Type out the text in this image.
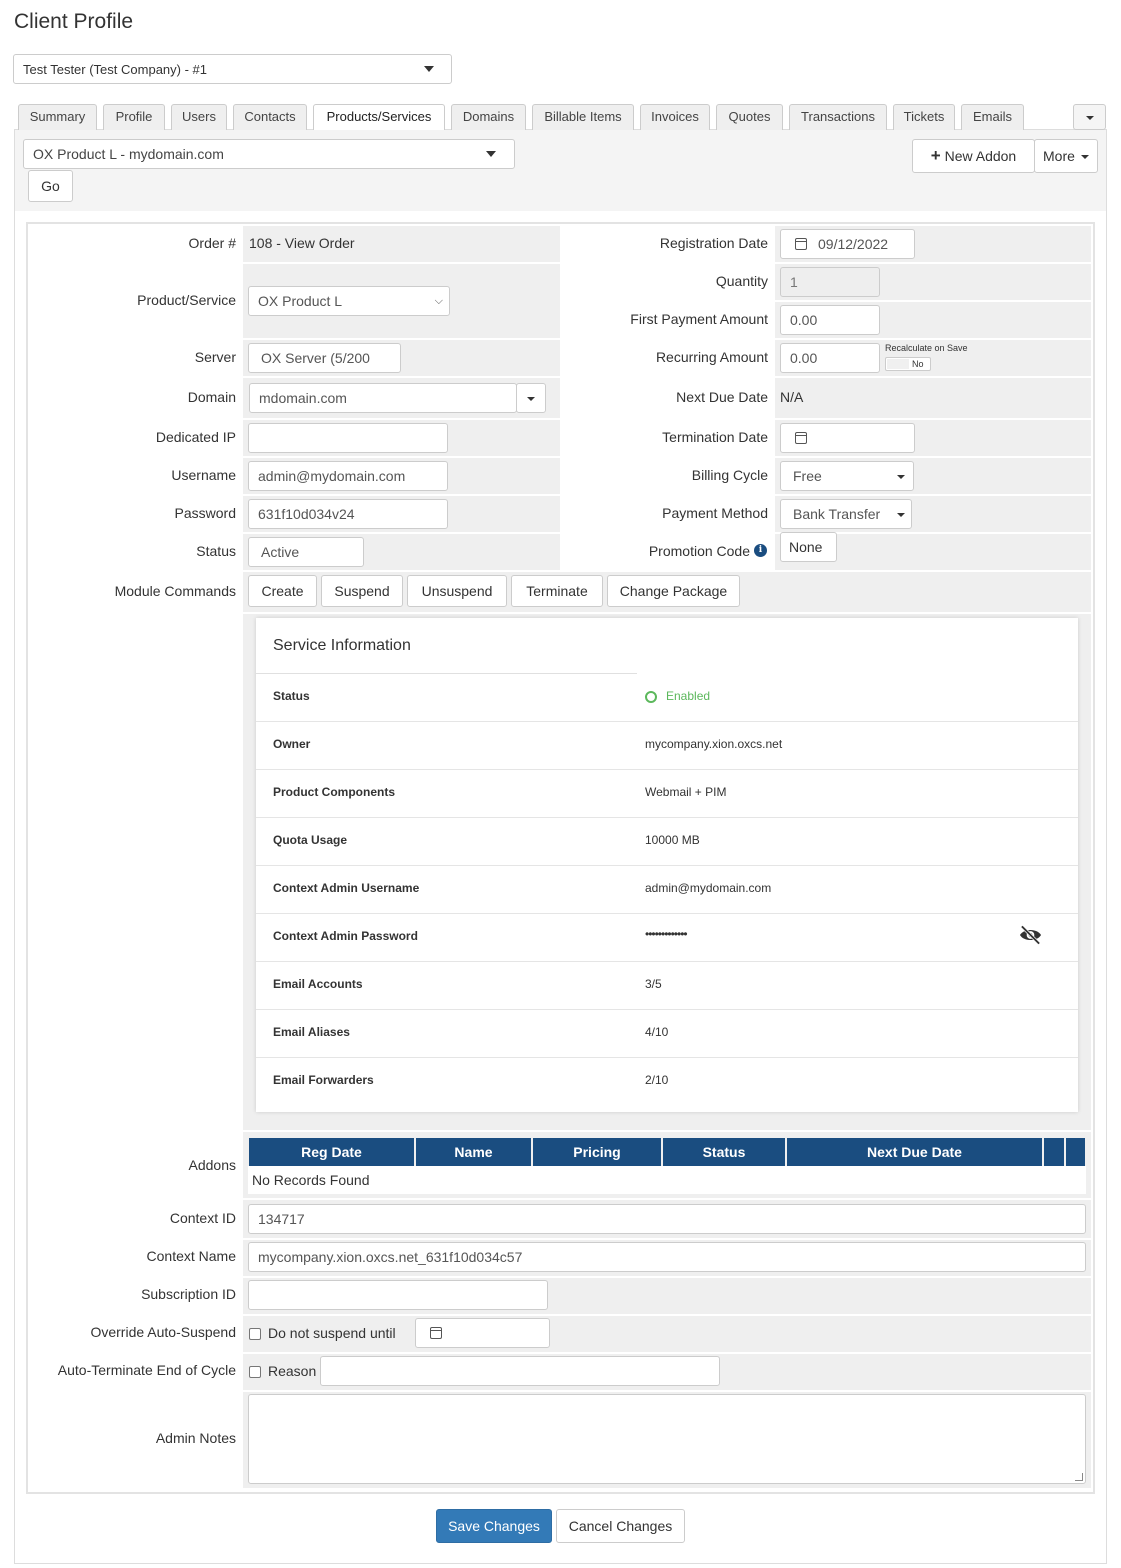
Client Profile
Test Tester (Test Company) - #1
Summary	Profile	Users	Contacts	Products/Services	Domains	Billable Items	Invoices	Quotes	Transactions	Tickets	Emails
OX Product L - mydomain.com
Go
+ New Addon	More
Order # 108 - View Order
Product/Service	OX Product L	⌵
Server	OX Server (5/200
Domain	mdomain.com
Dedicated IP
Username	admin@mydomain.com
Password	631f10d034v24
Status	Active
Registration Date	09/12/2022
Quantity	1
First Payment Amount	0.00
Recurring Amount	0.00
Recalculate on Save
No
Next Due Date N/A
Termination Date
Billing Cycle	Free
Payment Method	Bank Transfer
Promotion Code i	None
Module Commands	Create	Suspend	Unsuspend	Terminate	Change Package
Service Information
Status	Enabled
Owner	mycompany.xion.oxcs.net
Product Components	Webmail + PIM
Quota Usage	10000 MB
Context Admin Username	admin@mydomain.com
Context Admin Password	•••••••••••••
Email Accounts	3/5
Email Aliases	4/10
Email Forwarders	2/10
Addons
Reg Date	Name	Pricing	Status	Next Due Date
No Records Found
Context ID	134717
Context Name	mycompany.xion.oxcs.net_631f10d034c57
Subscription ID
Override Auto-Suspend Do not suspend until
Auto-Terminate End of Cycle Reason
Admin Notes
Save Changes	Cancel Changes
